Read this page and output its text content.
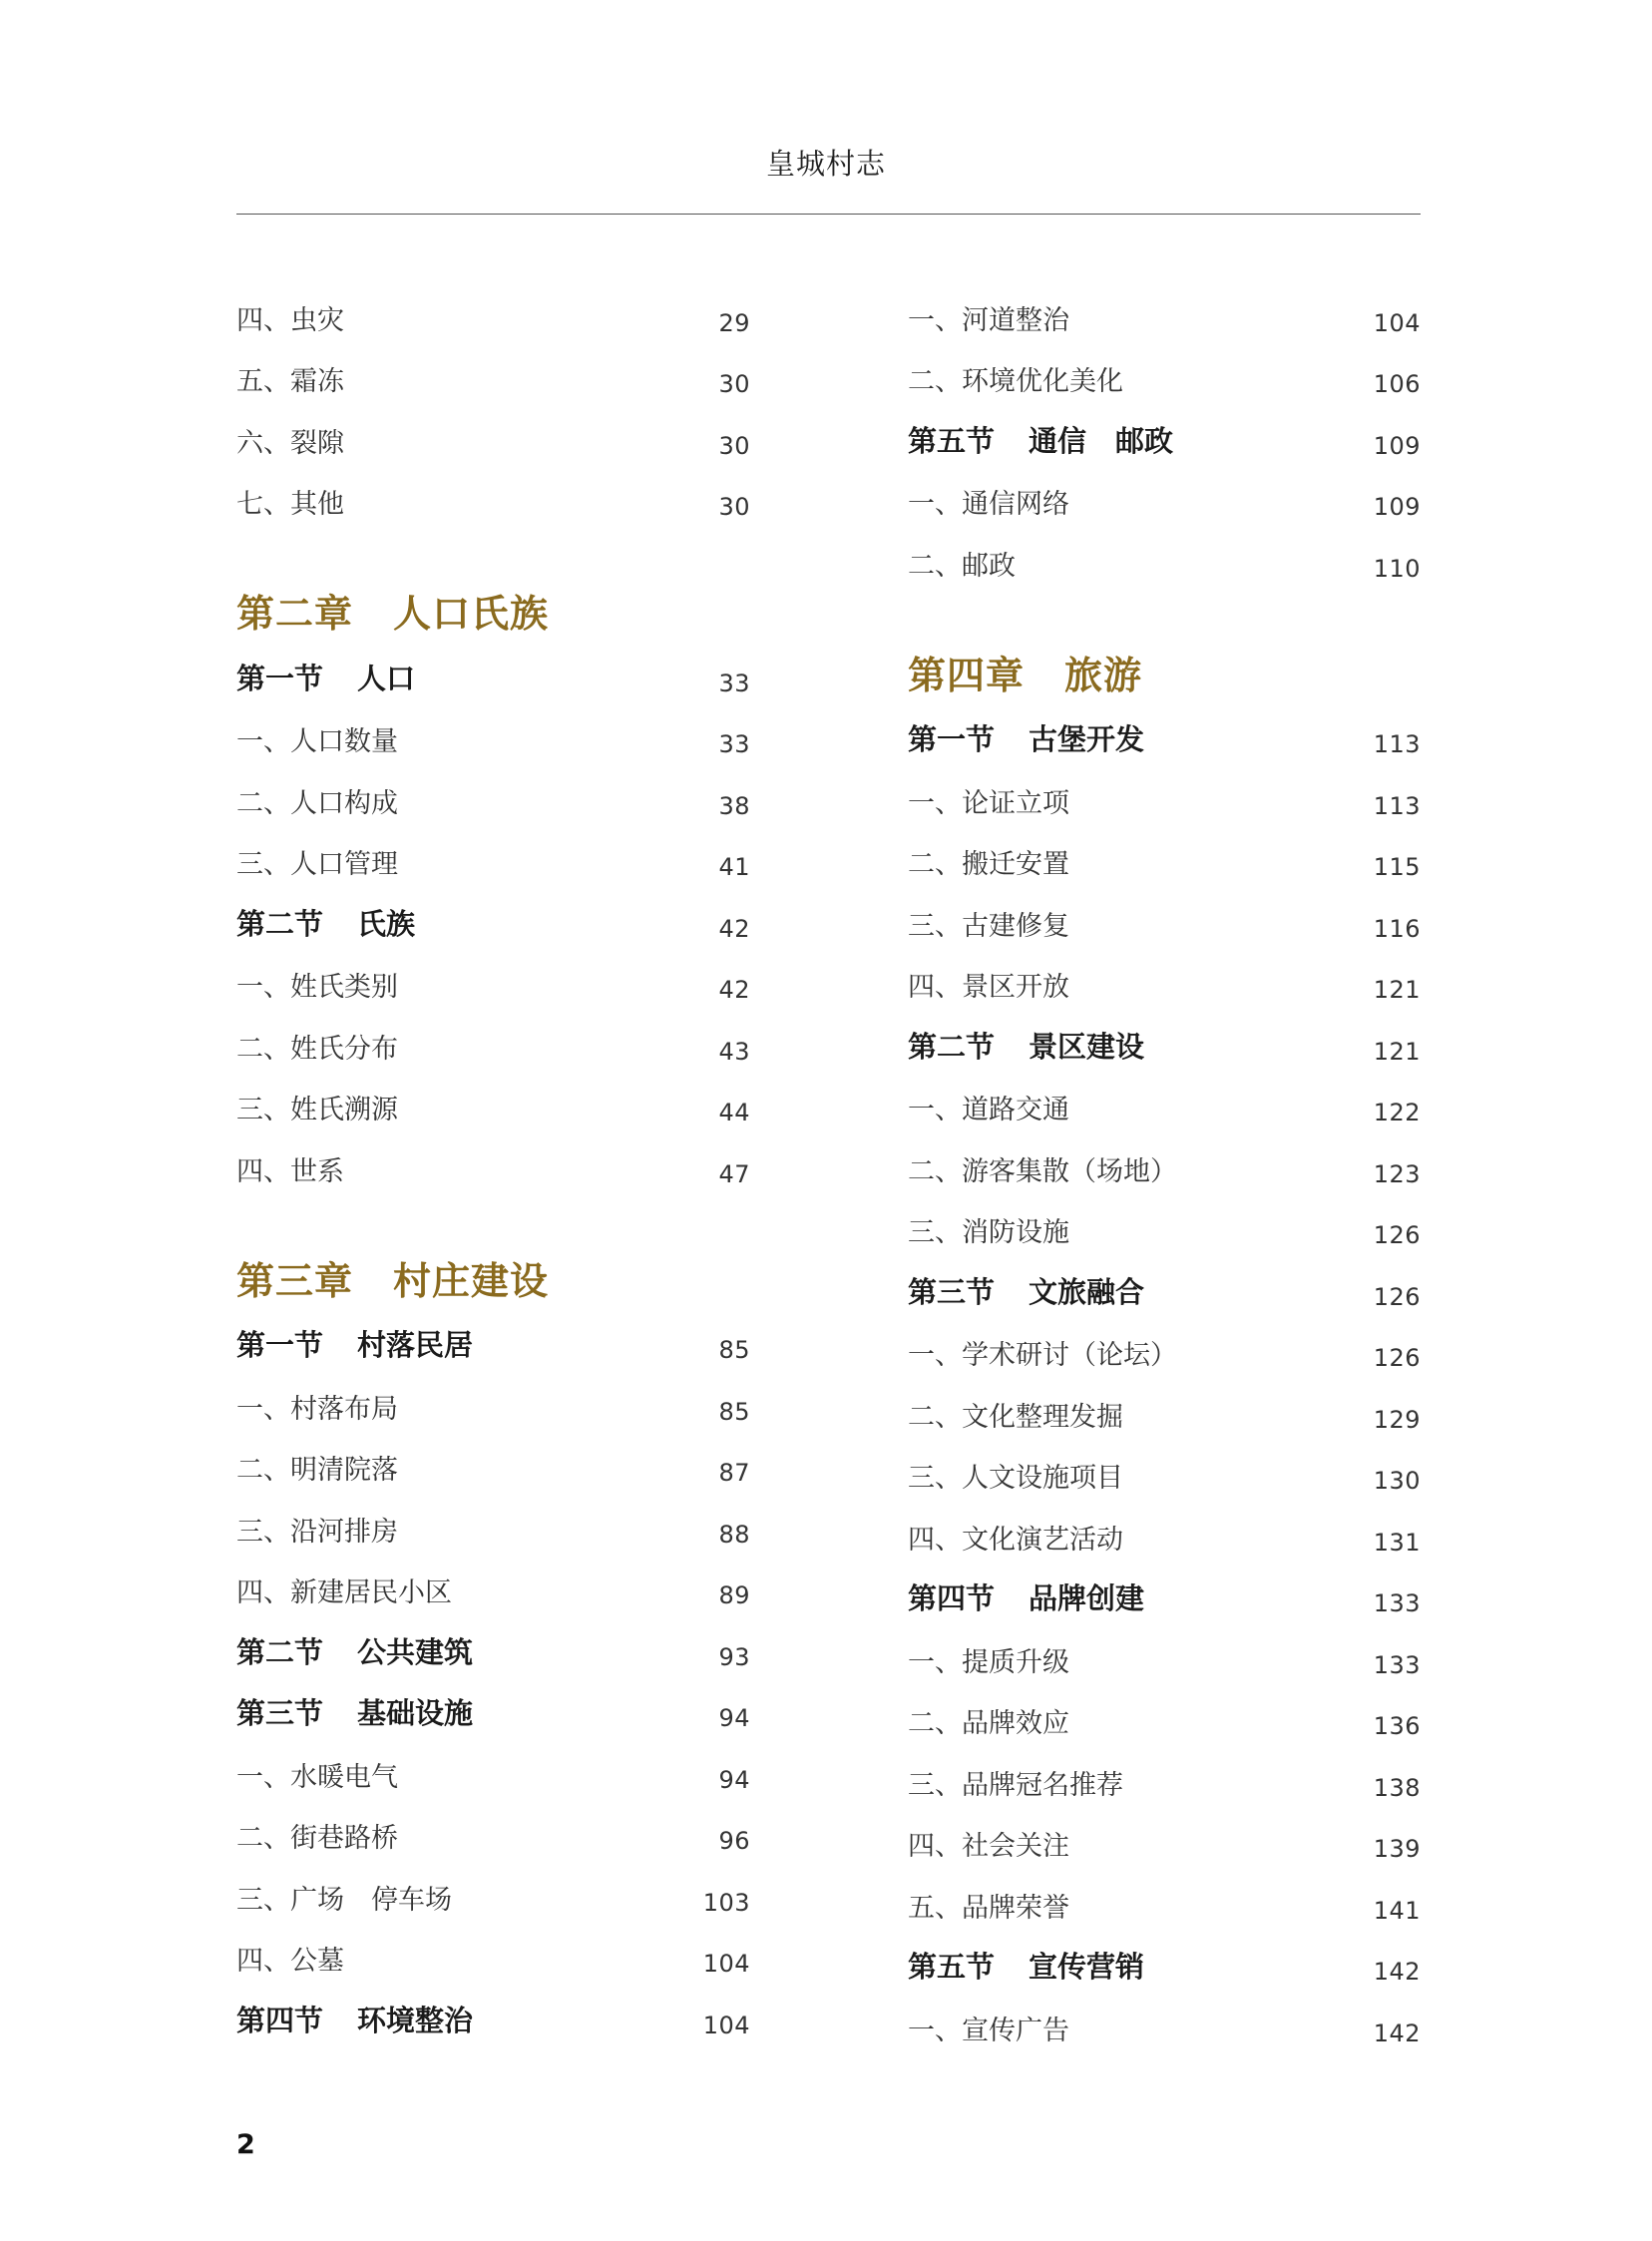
皇城村志
四、虫灾	29
五、霜冻	30
六、裂隙	30
七、其他	30
第二章 人口氏族
第一节 人口	33
一、人口数量	33
二、人口构成	38
三、人口管理	41
第二节 氏族	42
一、姓氏类别	42
二、姓氏分布	43
三、姓氏溯源	44
四、世系	47
第三章 村庄建设
第一节 村落民居	85
一、村落布局	85
二、明清院落	87
三、沿河排房	88
四、新建居民小区	89
第二节 公共建筑	93
第三节 基础设施	94
一、水暖电气	94
二、街巷路桥	96
三、广场　停车场	103
四、公墓	104
第四节 环境整治	104
一、河道整治	104
二、环境优化美化	106
第五节 通信　邮政	109
一、通信网络	109
二、邮政	110
第四章 旅游
第一节 古堡开发	113
一、论证立项	113
二、搬迁安置	115
三、古建修复	116
四、景区开放	121
第二节 景区建设	121
一、道路交通	122
二、游客集散（场地）	123
三、消防设施	126
第三节 文旅融合	126
一、学术研讨（论坛）	126
二、文化整理发掘	129
三、人文设施项目	130
四、文化演艺活动	131
第四节 品牌创建	133
一、提质升级	133
二、品牌效应	136
三、品牌冠名推荐	138
四、社会关注	139
五、品牌荣誉	141
第五节 宣传营销	142
一、宣传广告	142
2
